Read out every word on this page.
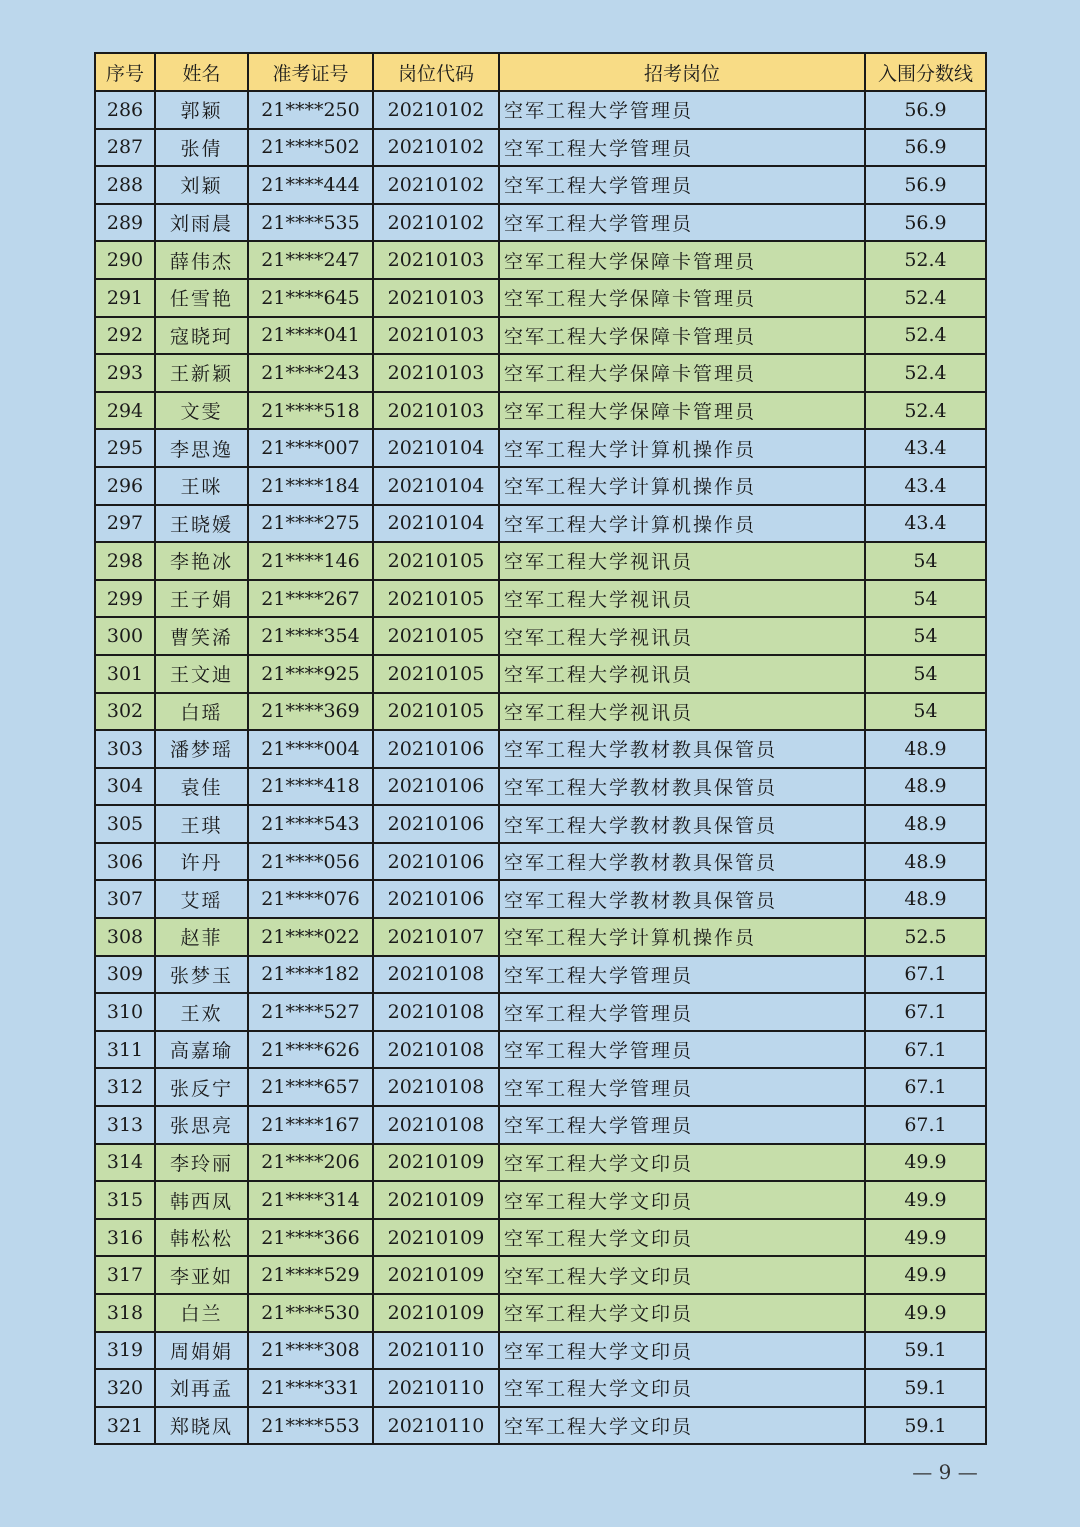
序号	姓名	准考证号	岗位代码	招考岗位	入围分数线
286	郭颖	21****250	20210102	空军工程大学管理员	56.9
287	张倩	21****502	20210102	空军工程大学管理员	56.9
288	刘颖	21****444	20210102	空军工程大学管理员	56.9
289	刘雨晨	21****535	20210102	空军工程大学管理员	56.9
290	薛伟杰	21****247	20210103	空军工程大学保障卡管理员	52.4
291	任雪艳	21****645	20210103	空军工程大学保障卡管理员	52.4
292	寇晓珂	21****041	20210103	空军工程大学保障卡管理员	52.4
293	王新颖	21****243	20210103	空军工程大学保障卡管理员	52.4
294	文雯	21****518	20210103	空军工程大学保障卡管理员	52.4
295	李思逸	21****007	20210104	空军工程大学计算机操作员	43.4
296	王咪	21****184	20210104	空军工程大学计算机操作员	43.4
297	王晓媛	21****275	20210104	空军工程大学计算机操作员	43.4
298	李艳冰	21****146	20210105	空军工程大学视讯员	54
299	王子娟	21****267	20210105	空军工程大学视讯员	54
300	曹笑浠	21****354	20210105	空军工程大学视讯员	54
301	王文迪	21****925	20210105	空军工程大学视讯员	54
302	白瑶	21****369	20210105	空军工程大学视讯员	54
303	潘梦瑶	21****004	20210106	空军工程大学教材教具保管员	48.9
304	袁佳	21****418	20210106	空军工程大学教材教具保管员	48.9
305	王琪	21****543	20210106	空军工程大学教材教具保管员	48.9
306	许丹	21****056	20210106	空军工程大学教材教具保管员	48.9
307	艾瑶	21****076	20210106	空军工程大学教材教具保管员	48.9
308	赵菲	21****022	20210107	空军工程大学计算机操作员	52.5
309	张梦玉	21****182	20210108	空军工程大学管理员	67.1
310	王欢	21****527	20210108	空军工程大学管理员	67.1
311	高嘉瑜	21****626	20210108	空军工程大学管理员	67.1
312	张反宁	21****657	20210108	空军工程大学管理员	67.1
313	张思亮	21****167	20210108	空军工程大学管理员	67.1
314	李玲丽	21****206	20210109	空军工程大学文印员	49.9
315	韩西凤	21****314	20210109	空军工程大学文印员	49.9
316	韩松松	21****366	20210109	空军工程大学文印员	49.9
317	李亚如	21****529	20210109	空军工程大学文印员	49.9
318	白兰	21****530	20210109	空军工程大学文印员	49.9
319	周娟娟	21****308	20210110	空军工程大学文印员	59.1
320	刘再孟	21****331	20210110	空军工程大学文印员	59.1
321	郑晓凤	21****553	20210110	空军工程大学文印员	59.1
— 9 —
